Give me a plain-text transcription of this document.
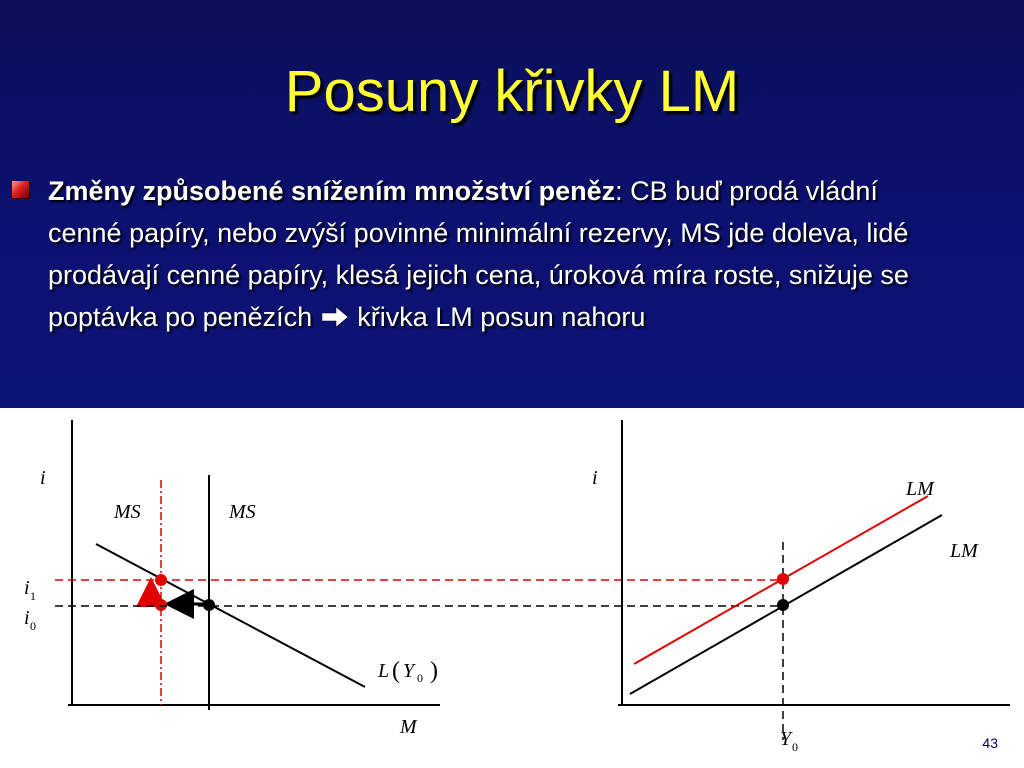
Posuny křivky LM
Změny způsobené snížením množství peněz: CB buď prodá vládní cenné papíry, nebo zvýší povinné minimální rezervy, MS jde doleva, lidé prodávají cenné papíry, klesá jejich cena, úroková míra roste, snižuje se poptávka po penězích křivka LM posun nahoru
i
M
MS	MS
L ( Y 0 )
i 1
i 0
i	LM
LM
Y 0	43
